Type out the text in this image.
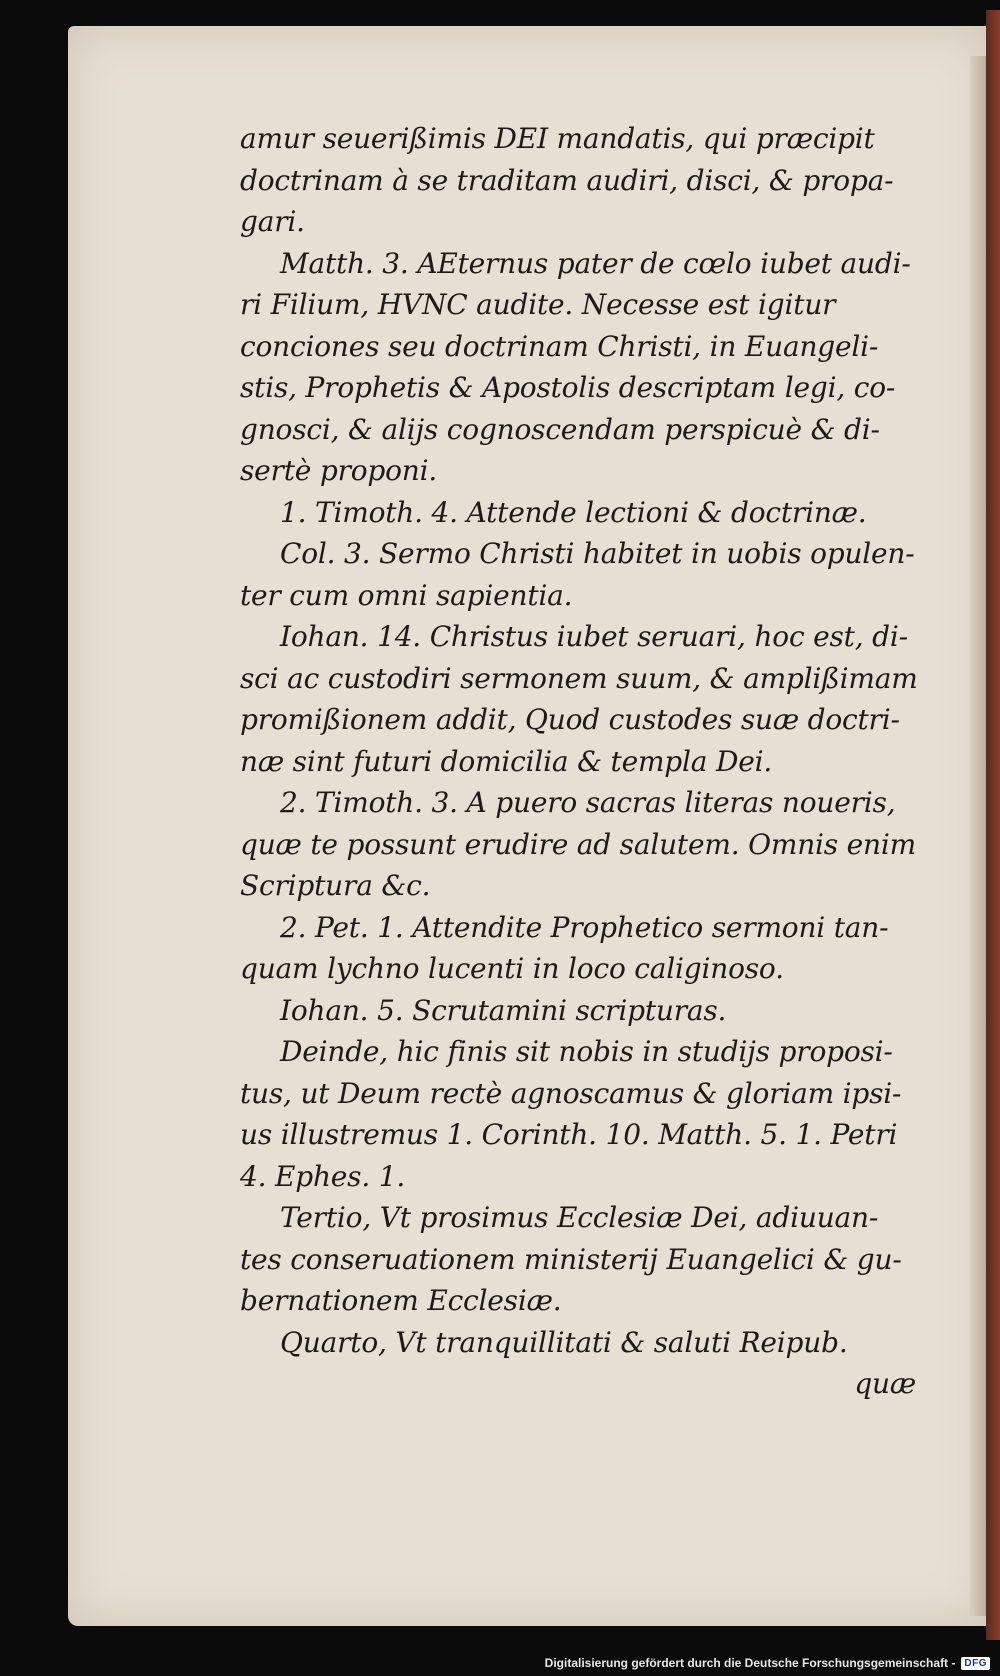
amur seuerißimis DEI mandatis, qui præcipit
doctrinam à se traditam audiri, disci, & propa-
gari.
Matth. 3. AEternus pater de cœlo iubet audi-
ri Filium, HVNC audite. Necesse est igitur
conciones seu doctrinam Christi, in Euangeli-
stis, Prophetis & Apostolis descriptam legi, co-
gnosci, & alijs cognoscendam perspicuè & di-
sertè proponi.
1. Timoth. 4. Attende lectioni & doctrinæ.
Col. 3. Sermo Christi habitet in uobis opulen-
ter cum omni sapientia.
Iohan. 14. Christus iubet seruari, hoc est, di-
sci ac custodiri sermonem suum, & amplißimam
promißionem addit, Quod custodes suæ doctri-
næ sint futuri domicilia & templa Dei.
2. Timoth. 3. A puero sacras literas noueris,
quæ te possunt erudire ad salutem. Omnis enim
Scriptura &c.
2. Pet. 1. Attendite Prophetico sermoni tan-
quam lychno lucenti in loco caliginoso.
Iohan. 5. Scrutamini scripturas.
Deinde, hic finis sit nobis in studijs proposi-
tus, ut Deum rectè agnoscamus & gloriam ipsi-
us illustremus 1. Corinth. 10. Matth. 5. 1. Petri
4. Ephes. 1.
Tertio, Vt prosimus Ecclesiæ Dei, adiuuan-
tes conseruationem ministerij Euangelici & gu-
bernationem Ecclesiæ.
Quarto, Vt tranquillitati & saluti Reipub.
quæ
Digitalisierung gefördert durch die Deutsche Forschungsgemeinschaft - DFG
